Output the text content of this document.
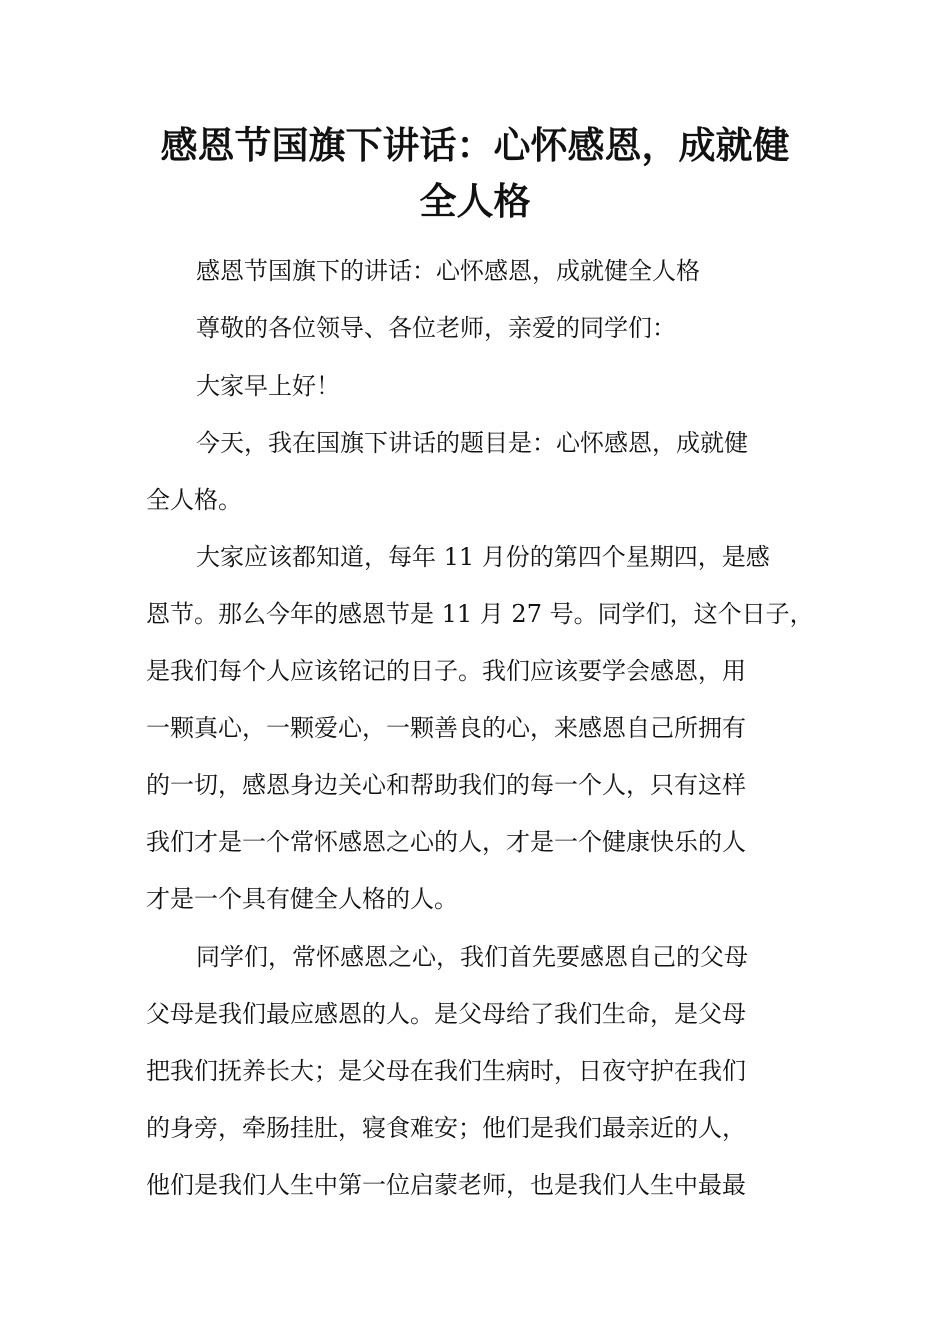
感恩节国旗下讲话：心怀感恩，成就健
全人格
感恩节国旗下的讲话：心怀感恩，成就健全人格
尊敬的各位领导、各位老师，亲爱的同学们：
大家早上好！
今天，我在国旗下讲话的题目是：心怀感恩，成就健
全人格。
大家应该都知道，每年 11 月份的第四个星期四，是感
恩节。那么今年的感恩节是 11 月 27 号。同学们，这个日子，
是我们每个人应该铭记的日子。我们应该要学会感恩，用
一颗真心，一颗爱心，一颗善良的心，来感恩自己所拥有
的一切，感恩身边关心和帮助我们的每一个人，只有这样
我们才是一个常怀感恩之心的人，才是一个健康快乐的人
才是一个具有健全人格的人。
同学们，常怀感恩之心，我们首先要感恩自己的父母
父母是我们最应感恩的人。是父母给了我们生命，是父母
把我们抚养长大；是父母在我们生病时，日夜守护在我们
的身旁，牵肠挂肚，寝食难安；他们是我们最亲近的人，
他们是我们人生中第一位启蒙老师，也是我们人生中最最
